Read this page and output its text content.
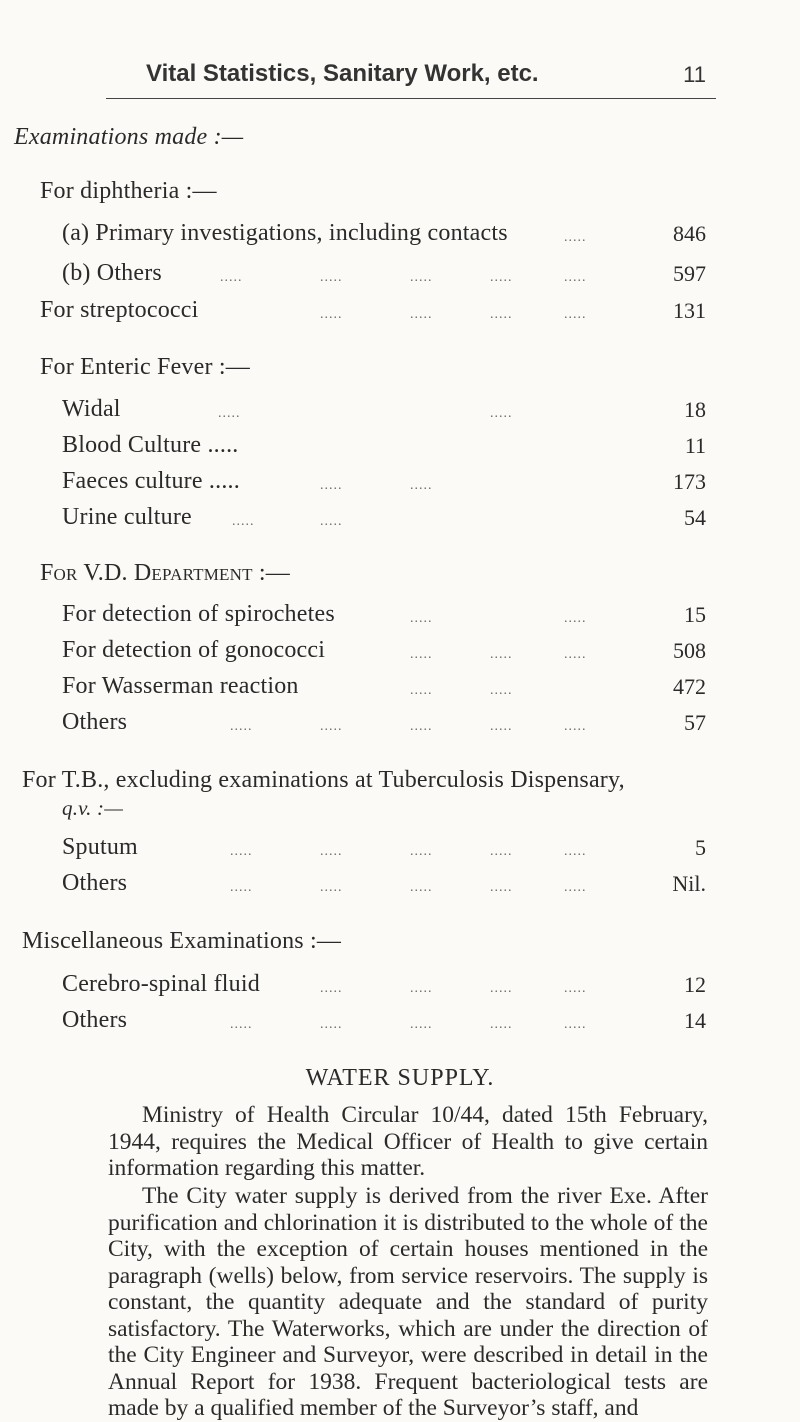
Vital Statistics, Sanitary Work, etc.	11
Examinations made :—
For diphtheria :—
(a) Primary investigations, including contacts	.....	846
(b) Others	.....	.....	.....	.....	.....	597
For streptococci	.....	.....	.....	.....	131
For Enteric Fever :—
Widal	.....	.....	18
Blood Culture .....	11
Faeces culture .....	.....	.....	173
Urine culture	.....	.....	54
For V.D. Department :—
For detection of spirochetes	.....	.....	15
For detection of gonococci	.....	.....	.....	508
For Wasserman reaction	.....	.....	472
Others	.....	.....	.....	.....	.....	57
For T.B., excluding examinations at Tuberculosis Dispensary,
q.v. :—
Sputum	.....	.....	.....	.....	.....	5
Others	.....	.....	.....	.....	.....	Nil.
Miscellaneous Examinations :—
Cerebro-spinal fluid	.....	.....	.....	.....	12
Others	.....	.....	.....	.....	.....	14
WATER SUPPLY.
Ministry of Health Circular 10/44, dated 15th February, 1944, requires the Medical Officer of Health to give certain information regarding this matter.
The City water supply is derived from the river Exe. After purification and chlorination it is distributed to the whole of the City, with the exception of certain houses mentioned in the paragraph (wells) below, from service reservoirs. The supply is constant, the quantity adequate and the standard of purity satisfactory. The Waterworks, which are under the direction of the City Engineer and Surveyor, were described in detail in the Annual Report for 1938. Frequent bacteriological tests are made by a qualified member of the Surveyor’s staff, and
